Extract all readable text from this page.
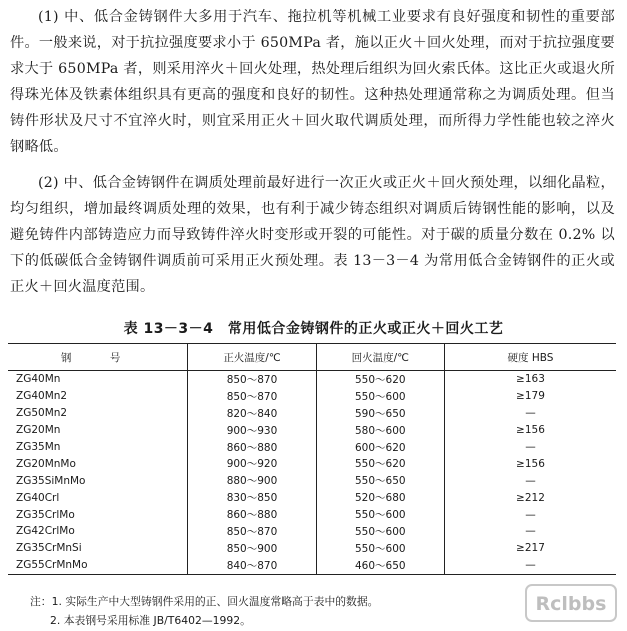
(1) 中、低合金铸钢件大多用于汽车、拖拉机等机械工业要求有良好强度和韧性的重要部件。一般来说，对于抗拉强度要求小于 650MPa 者，施以正火＋回火处理，而对于抗拉强度要求大于 650MPa 者，则采用淬火＋回火处理，热处理后组织为回火索氏体。这比正火或退火所得珠光体及铁素体组织具有更高的强度和良好的韧性。这种热处理通常称之为调质处理。但当铸件形状及尺寸不宜淬火时，则宜采用正火＋回火取代调质处理，而所得力学性能也较之淬火钢略低。

(2) 中、低合金铸钢件在调质处理前最好进行一次正火或正火＋回火预处理，以细化晶粒，均匀组织，增加最终调质处理的效果，也有利于减少铸态组织对调质后铸钢性能的影响，以及避免铸件内部铸造应力而导致铸件淬火时变形或开裂的可能性。对于碳的质量分数在 0.2% 以下的低碳低合金铸钢件调质前可采用正火预处理。表 13－3－4 为常用低合金铸钢件的正火或正火＋回火温度范围。

表 13－3－4　常用低合金铸钢件的正火或正火＋回火工艺
钢　号	正火温度/℃	回火温度/℃	硬度 HBS
ZG40Mn	850～870	550～620	≥163
ZG40Mn2	850～870	550～600	≥179
ZG50Mn2	820～840	590～650	—
ZG20Mn	900～930	580～600	≥156
ZG35Mn	860～880	600～620	—
ZG20MnMo	900～920	550～620	≥156
ZG35SiMnMo	880～900	550～650	—
ZG40Crl	830～850	520～680	≥212
ZG35CrlMo	860～880	550～600	—
ZG42CrlMo	850～870	550～600	—
ZG35CrMnSi	850～900	550～600	≥217
ZG55CrMnMo	840～870	460～650	—
注：1. 实际生产中大型铸钢件采用的正、回火温度常略高于表中的数据。
2. 本表钢号采用标准 JB/T6402—1992。
Rclbbs
